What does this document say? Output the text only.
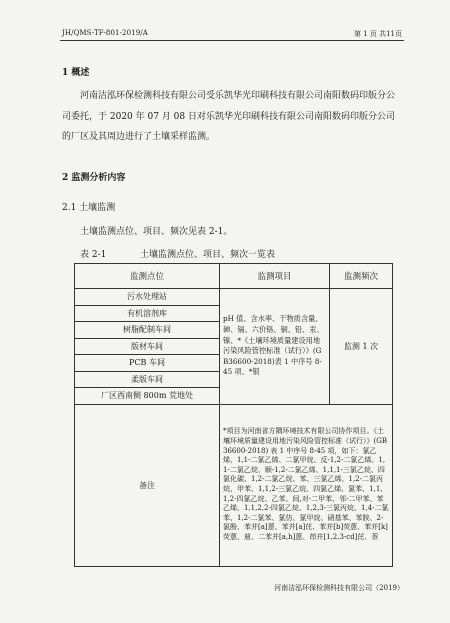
JH/QMS-TF-801-2019/A	第 1 页 共11页
1 概述
河南洁泓环保检测科技有限公司受乐凯华光印刷科技有限公司南阳数码印版分公司委托，于 2020 年 07 月 08 日对乐凯华光印刷科技有限公司南阳数码印版分公司的厂区及其周边进行了土壤采样监测。
2 监测分析内容
2.1 土壤监测
土壤监测点位、项目、频次见表 2-1。
表 2-1	土壤监测点位、项目、频次一览表
监测点位	监测项目	监测频次
污水处理站	pH 值、含水率、干物质含量、砷、镉、六价铬、铜、铅、汞、镍、*《土壤环境质量建设用地污染风险管控标准（试行）》(GB36600-2018)表 1 中序号 8-45 项、*银	监测 1 次
有机溶剂库		
树脂配制车间		
版材车间		
PCB 车间		
柔版车间		
厂区西南侧 800m 荒地处		
备注	*项目为河南省方隅环境技术有限公司协作项目。《土壤环境质量建设用地污染风险管控标准（试行）》(GB36600-2018) 表 1 中序号 8-45 项，如下：氯乙烯、1,1-二氯乙烯、二氯甲烷、反-1,2-二氯乙烯、1,1-二氯乙烷、顺-1,2-二氯乙烯、1,1,1-三氯乙烷、四氯化碳、1,2-二氯乙烷、苯、三氯乙烯、1,2-二氯丙烷、甲苯、1,1,2-三氯乙烷、四氯乙烯、氯苯、1,1,1,2-四氯乙烷、乙苯、间,对-二甲苯、邻-二甲苯、苯乙烯、1,1,2,2-四氯乙烷、1,2,3-三氯丙烷、1,4-二氯苯、1,2-二氯苯、氯仿、氯甲烷、硝基苯、苯胺、2-氯酚、苯并[a]蒽、苯并[a]芘、苯并[b]荧蒽、苯并[k]荧蒽、䓛、二苯并[a,h]蒽、茚并[1,2,3-cd]芘、萘	
河南洁泓环保检测科技有限公司（2019）
